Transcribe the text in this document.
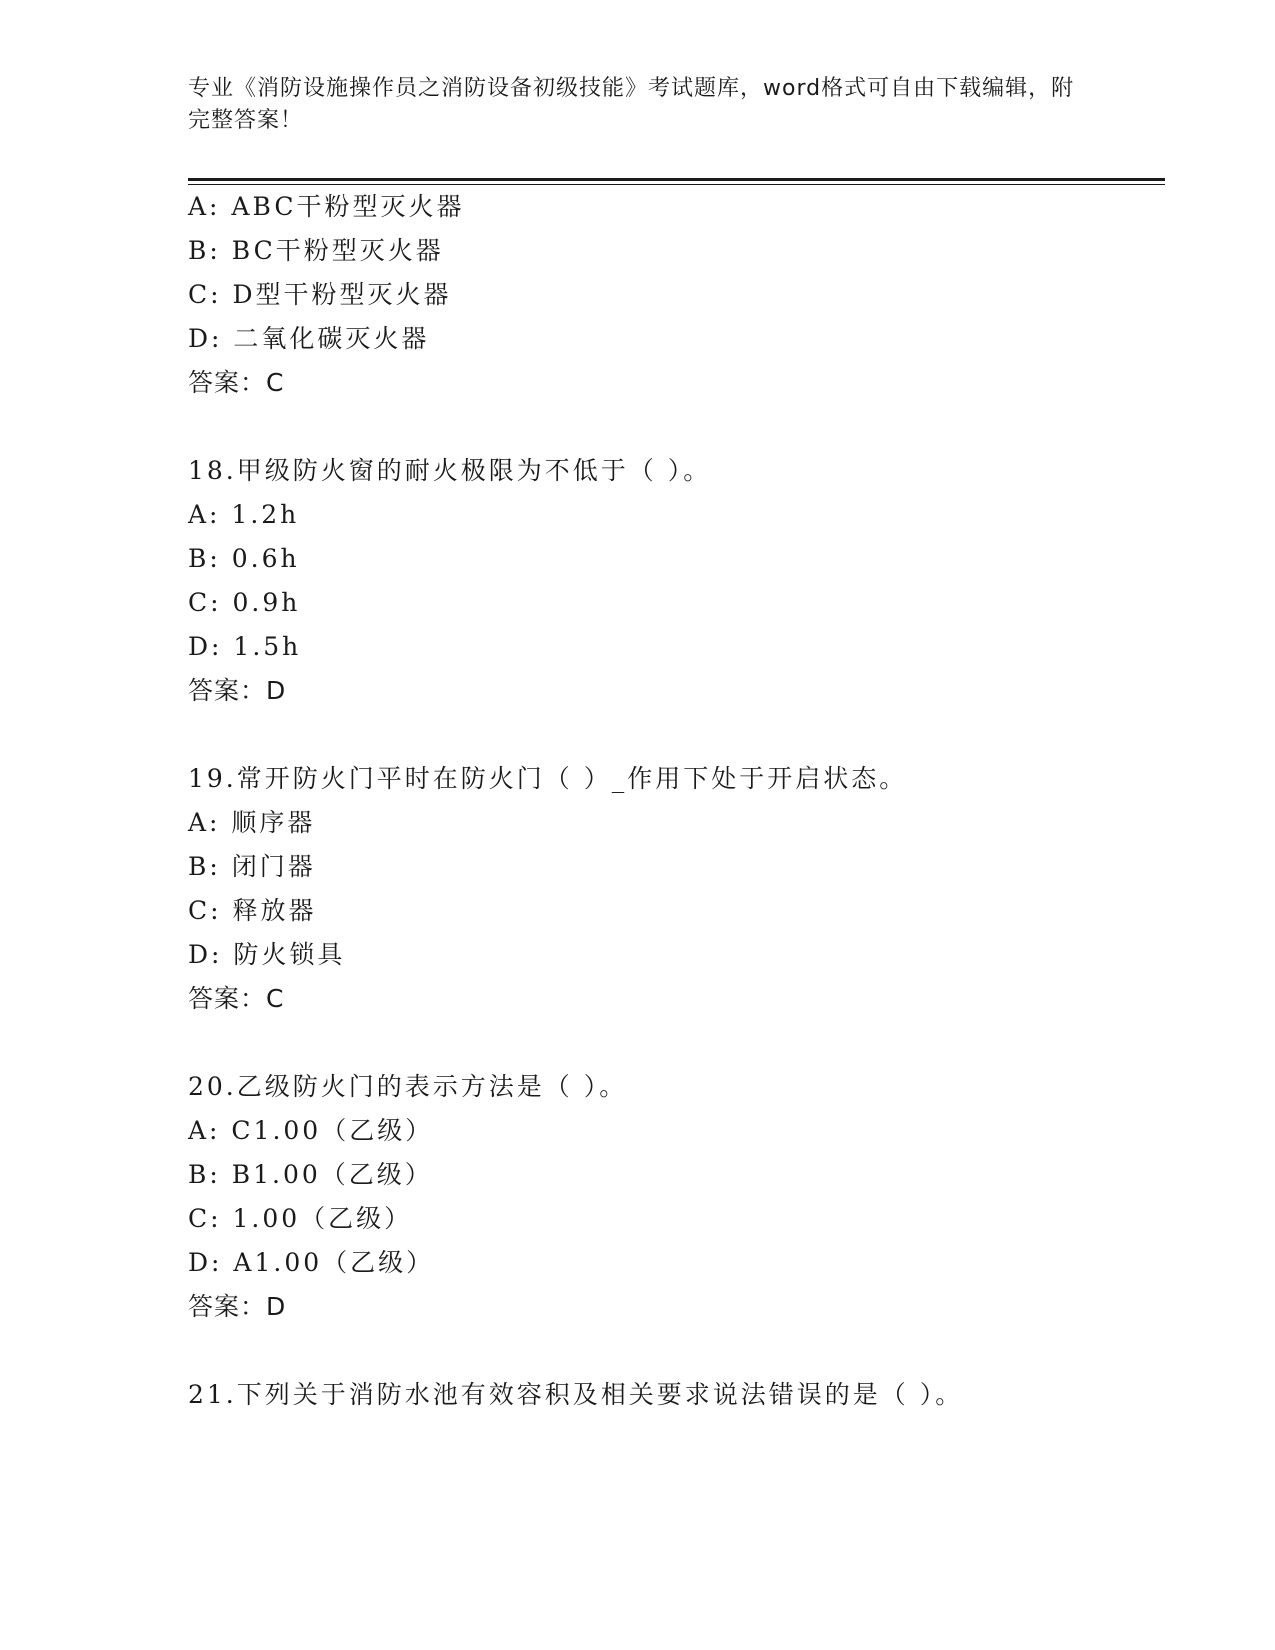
专业《消防设施操作员之消防设备初级技能》考试题库，word格式可自由下载编辑，附完整答案！
A: ABC干粉型灭火器
B: BC干粉型灭火器
C: D型干粉型灭火器
D: 二氧化碳灭火器
答案：C
18.甲级防火窗的耐火极限为不低于（ ）。
A: 1.2h
B: 0.6h
C: 0.9h
D: 1.5h
答案：D
19.常开防火门平时在防火门（ ）_作用下处于开启状态。
A: 顺序器
B: 闭门器
C: 释放器
D: 防火锁具
答案：C
20.乙级防火门的表示方法是（ ）。
A: C1.00（乙级）
B: B1.00（乙级）
C: 1.00（乙级）
D: A1.00（乙级）
答案：D
21.下列关于消防水池有效容积及相关要求说法错误的是（ ）。
